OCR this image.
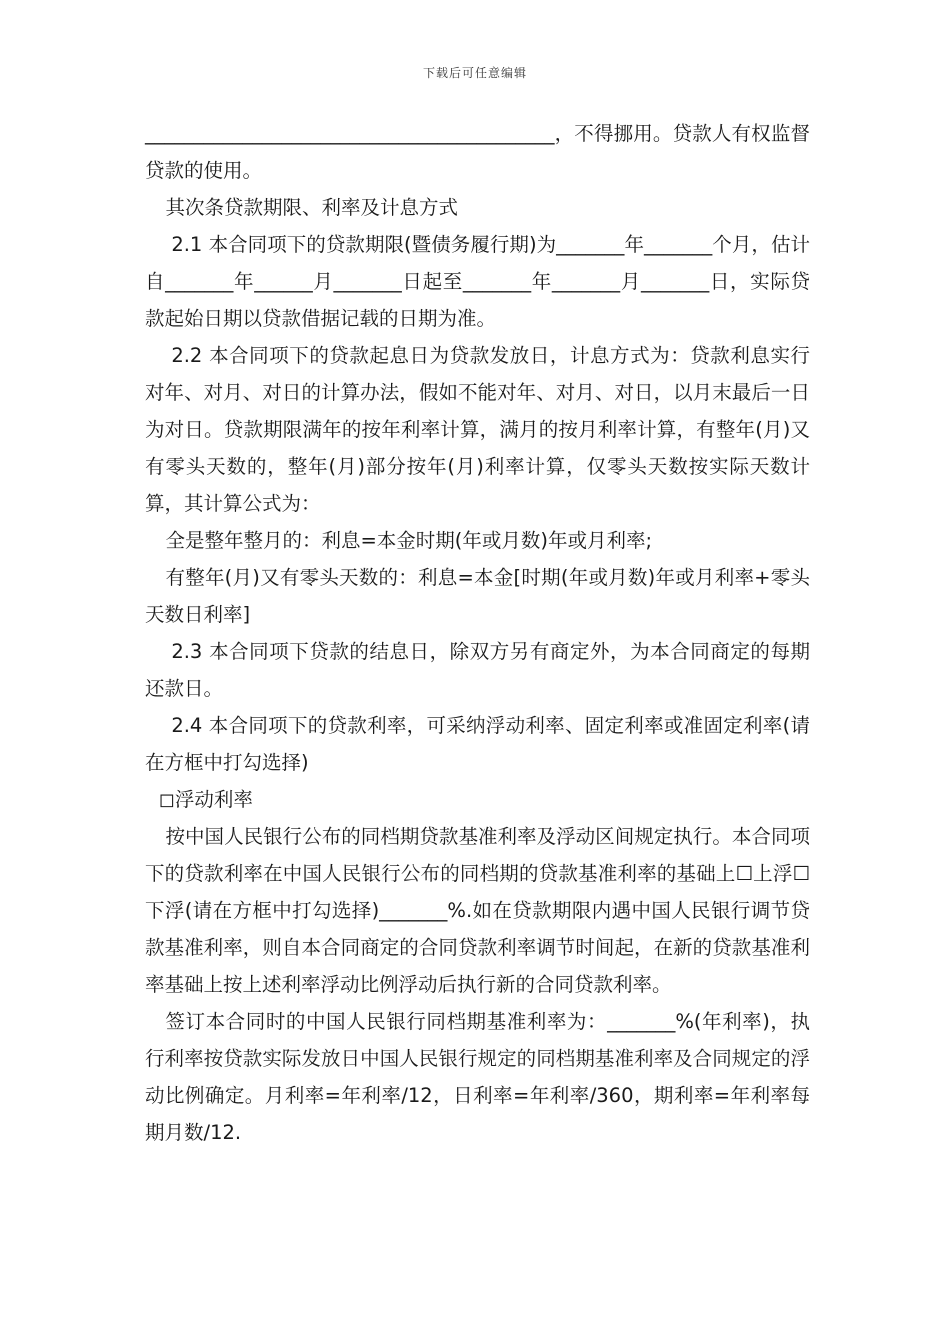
下载后可任意编辑

__________________________________________，不得挪用。贷款人有权监督贷款的使用。

其次条贷款期限、利率及计息方式

2.1 本合同项下的贷款期限(暨债务履行期)为_______年_______个月，估计自_______年______月_______日起至_______年_______月_______日，实际贷款起始日期以贷款借据记载的日期为准。

2.2 本合同项下的贷款起息日为贷款发放日，计息方式为：贷款利息实行对年、对月、对日的计算办法，假如不能对年、对月、对日，以月末最后一日为对日。贷款期限满年的按年利率计算，满月的按月利率计算，有整年(月)又有零头天数的，整年(月)部分按年(月)利率计算，仅零头天数按实际天数计算，其计算公式为：

全是整年整月的：利息=本金时期(年或月数)年或月利率;

有整年(月)又有零头天数的：利息=本金[时期(年或月数)年或月利率+零头天数日利率]

2.3 本合同项下贷款的结息日，除双方另有商定外，为本合同商定的每期还款日。

2.4 本合同项下的贷款利率，可采纳浮动利率、固定利率或准固定利率(请在方框中打勾选择)

◻浮动利率

按中国人民银行公布的同档期贷款基准利率及浮动区间规定执行。本合同项下的贷款利率在中国人民银行公布的同档期的贷款基准利率的基础上☐上浮☐下浮(请在方框中打勾选择)_______%.如在贷款期限内遇中国人民银行调节贷款基准利率，则自本合同商定的合同贷款利率调节时间起，在新的贷款基准利率基础上按上述利率浮动比例浮动后执行新的合同贷款利率。

签订本合同时的中国人民银行同档期基准利率为：_______%(年利率)，执行利率按贷款实际发放日中国人民银行规定的同档期基准利率及合同规定的浮动比例确定。月利率=年利率/12，日利率=年利率/360，期利率=年利率每期月数/12.
